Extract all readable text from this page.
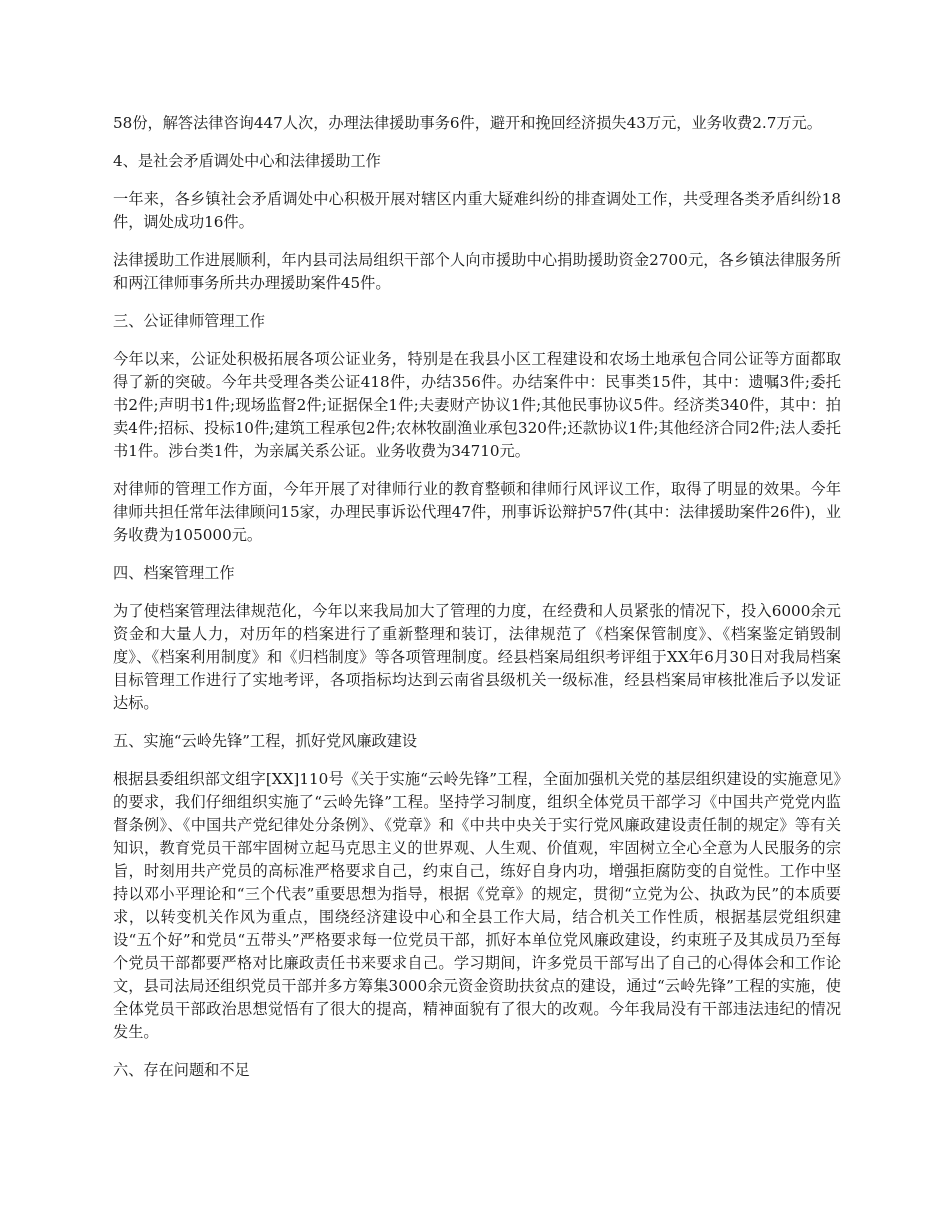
58份，解答法律咨询447人次，办理法律援助事务6件，避开和挽回经济损失43万元，业务收费2.7万元。

4、是社会矛盾调处中心和法律援助工作

一年来，各乡镇社会矛盾调处中心积极开展对辖区内重大疑难纠纷的排查调处工作，共受理各类矛盾纠纷18件，调处成功16件。

法律援助工作进展顺利，年内县司法局组织干部个人向市援助中心捐助援助资金2700元，各乡镇法律服务所和两江律师事务所共办理援助案件45件。

三、公证律师管理工作

今年以来，公证处积极拓展各项公证业务，特别是在我县小区工程建设和农场土地承包合同公证等方面都取得了新的突破。今年共受理各类公证418件，办结356件。办结案件中：民事类15件，其中：遗嘱3件;委托书2件;声明书1件;现场监督2件;证据保全1件;夫妻财产协议1件;其他民事协议5件。经济类340件，其中：拍卖4件;招标、投标10件;建筑工程承包2件;农林牧副渔业承包320件;还款协议1件;其他经济合同2件;法人委托书1件。涉台类1件，为亲属关系公证。业务收费为34710元。

对律师的管理工作方面，今年开展了对律师行业的教育整顿和律师行风评议工作，取得了明显的效果。今年律师共担任常年法律顾问15家，办理民事诉讼代理47件，刑事诉讼辩护57件(其中：法律援助案件26件)，业务收费为105000元。

四、档案管理工作

为了使档案管理法律规范化，今年以来我局加大了管理的力度，在经费和人员紧张的情况下，投入6000余元资金和大量人力，对历年的档案进行了重新整理和装订，法律规范了《档案保管制度》、《档案鉴定销毁制度》、《档案利用制度》和《归档制度》等各项管理制度。经县档案局组织考评组于XX年6月30日对我局档案目标管理工作进行了实地考评，各项指标均达到云南省县级机关一级标准，经县档案局审核批准后予以发证达标。

五、实施“云岭先锋”工程，抓好党风廉政建设

根据县委组织部文组字[XX]110号《关于实施“云岭先锋”工程，全面加强机关党的基层组织建设的实施意见》的要求，我们仔细组织实施了“云岭先锋”工程。坚持学习制度，组织全体党员干部学习《中国共产党党内监督条例》、《中国共产党纪律处分条例》、《党章》和《中共中央关于实行党风廉政建设责任制的规定》等有关知识，教育党员干部牢固树立起马克思主义的世界观、人生观、价值观，牢固树立全心全意为人民服务的宗旨，时刻用共产党员的高标准严格要求自己，约束自己，练好自身内功，增强拒腐防变的自觉性。工作中坚持以邓小平理论和“三个代表”重要思想为指导，根据《党章》的规定，贯彻“立党为公、执政为民”的本质要求，以转变机关作风为重点，围绕经济建设中心和全县工作大局，结合机关工作性质，根据基层党组织建设“五个好”和党员“五带头”严格要求每一位党员干部，抓好本单位党风廉政建设，约束班子及其成员乃至每个党员干部都要严格对比廉政责任书来要求自己。学习期间，许多党员干部写出了自己的心得体会和工作论文，县司法局还组织党员干部并多方筹集3000余元资金资助扶贫点的建设，通过“云岭先锋”工程的实施，使全体党员干部政治思想觉悟有了很大的提高，精神面貌有了很大的改观。今年我局没有干部违法违纪的情况发生。

六、存在问题和不足
